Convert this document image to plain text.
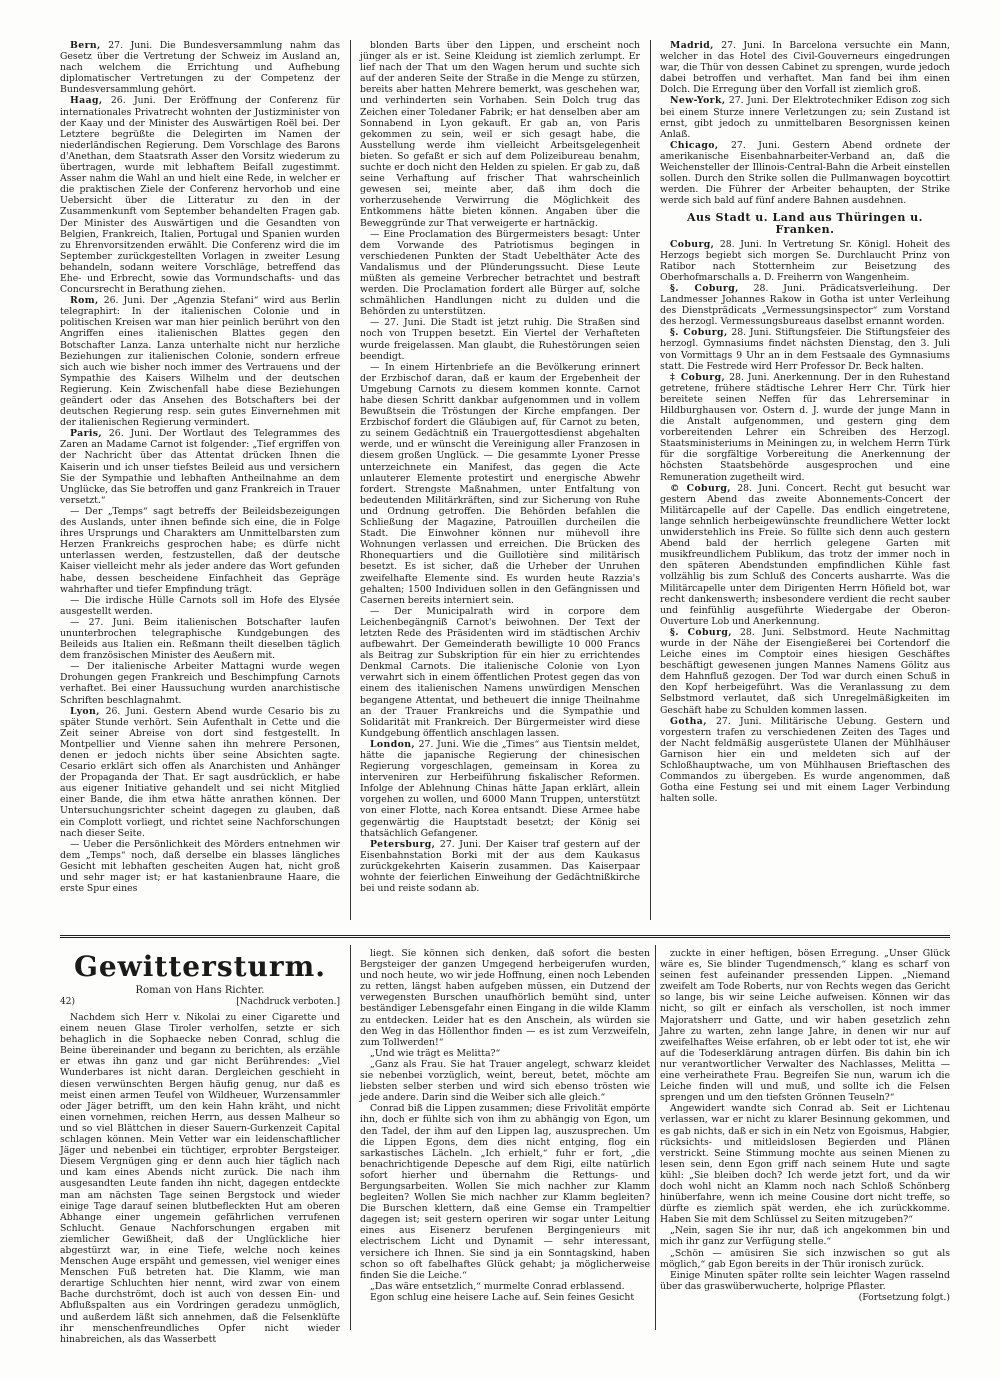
Bern, 27. Juni. Die Bundesversammlung nahm das Gesetz über die Vertretung der Schweiz im Ausland an, nach welchem die Errichtung und Aufhebung diplomatischer Vertretungen zu der Competenz der Bundesversammlung gehört.

Haag, 26. Juni. Der Eröffnung der Conferenz für internationales Privatrecht wohnten der Justizminister von der Kaay und der Minister des Auswärtigen Roël bei. Der Letztere begrüßte die Delegirten im Namen der niederländischen Regierung. Dem Vorschlage des Barons d'Anethan, dem Staatsrath Asser den Vorsitz wiederum zu übertragen, wurde mit lebhaftem Beifall zugestimmt. Asser nahm die Wahl an und hielt eine Rede, in welcher er die praktischen Ziele der Conferenz hervorhob und eine Uebersicht über die Litteratur zu den in der Zusammenkunft vom September behandelten Fragen gab. Der Minister des Auswärtigen und die Gesandten von Belgien, Frankreich, Italien, Portugal und Spanien wurden zu Ehrenvorsitzenden erwählt. Die Conferenz wird die im September zurückgestellten Vorlagen in zweiter Lesung behandeln, sodann weitere Vorschläge, betreffend das Ehe- und Erbrecht, sowie das Vormundschafts- und das Concursrecht in Berathung ziehen.

Rom, 26. Juni. Der „Agenzia Stefani“ wird aus Berlin telegraphirt: In der italienischen Colonie und in politischen Kreisen war man hier peinlich berührt von den Angriffen eines italienischen Blattes gegen den Botschafter Lanza. Lanza unterhalte nicht nur herzliche Beziehungen zur italienischen Colonie, sondern erfreue sich auch wie bisher noch immer des Vertrauens und der Sympathie des Kaisers Wilhelm und der deutschen Regierung. Kein Zwischenfall habe diese Beziehungen geändert oder das Ansehen des Botschafters bei der deutschen Regierung resp. sein gutes Einvernehmen mit der italienischen Regierung vermindert.

Paris, 26. Juni. Der Wortlaut des Telegrammes des Zaren an Madame Carnot ist folgender: „Tief ergriffen von der Nachricht über das Attentat drücken Ihnen die Kaiserin und ich unser tiefstes Beileid aus und versichern Sie der Sympathie und lebhaften Antheilnahme an dem Unglücke, das Sie betroffen und ganz Frankreich in Trauer versetzt.“

— Der „Temps“ sagt betreffs der Beileidsbezeigungen des Auslands, unter ihnen befinde sich eine, die in Folge ihres Ursprungs und Charakters am Unmittelbarsten zum Herzen Frankreichs gesprochen habe; es dürfe nicht unterlassen werden, festzustellen, daß der deutsche Kaiser vielleicht mehr als jeder andere das Wort gefunden habe, dessen bescheidene Einfachheit das Gepräge wahrhafter und tiefer Empfindung trägt.

— Die irdische Hülle Carnots soll im Hofe des Elysée ausgestellt werden.

— 27. Juni. Beim italienischen Botschafter laufen ununterbrochen telegraphische Kundgebungen des Beileids aus Italien ein. Reßmann theilt dieselben täglich dem französischen Minister des Aeußern mit.

— Der italienische Arbeiter Mattagni wurde wegen Drohungen gegen Frankreich und Beschimpfung Carnots verhaftet. Bei einer Haussuchung wurden anarchistische Schriften beschlagnahmt.

Lyon, 26. Juni. Gestern Abend wurde Cesario bis zu später Stunde verhört. Sein Aufenthalt in Cette und die Zeit seiner Abreise von dort sind festgestellt. In Montpellier und Vienne sahen ihn mehrere Personen, denen er jedoch nichts über seine Absichten sagte. Cesario erklärt sich offen als Anarchisten und Anhänger der Propaganda der That. Er sagt ausdrücklich, er habe aus eigener Initiative gehandelt und sei nicht Mitglied einer Bande, die ihm etwa hätte anrathen können. Der Untersuchungsrichter scheint dagegen zu glauben, daß ein Complott vorliegt, und richtet seine Nachforschungen nach dieser Seite.

— Ueber die Persönlichkeit des Mörders entnehmen wir dem „Temps“ noch, daß derselbe ein blasses längliches Gesicht mit lebhaften gescheiten Augen hat, nicht groß und sehr mager ist; er hat kastanienbraune Haare, die erste Spur eines

blonden Barts über den Lippen, und erscheint noch jünger als er ist. Seine Kleidung ist ziemlich zerlumpt. Er lief nach der That um den Wagen herum und suchte sich auf der anderen Seite der Straße in die Menge zu stürzen, bereits aber hatten Mehrere bemerkt, was geschehen war, und verhinderten sein Vorhaben. Sein Dolch trug das Zeichen einer Toledaner Fabrik; er hat denselben aber am Sonnabend in Lyon gekauft. Er gab an, von Paris gekommen zu sein, weil er sich gesagt habe, die Ausstellung werde ihm vielleicht Arbeitsgelegenheit bieten. So gefaßt er sich auf dem Polizeibureau benahm, suchte er doch nicht den Helden zu spielen. Er gab zu, daß seine Verhaftung auf frischer That wahrscheinlich gewesen sei, meinte aber, daß ihm doch die vorherzusehende Verwirrung die Möglichkeit des Entkommens hätte bieten können. Angaben über die Beweggründe zur That verweigerte er hartnäckig.

— Eine Proclamation des Bürgermeisters besagt: Unter dem Vorwande des Patriotismus begingen in verschiedenen Punkten der Stadt Uebelthäter Acte des Vandalismus und der Plünderungssucht. Diese Leute müßten als gemeine Verbrecher betrachtet und bestraft werden. Die Proclamation fordert alle Bürger auf, solche schmählichen Handlungen nicht zu dulden und die Behörden zu unterstützen.

— 27. Juni. Die Stadt ist jetzt ruhig. Die Straßen sind noch von Truppen besetzt. Ein Viertel der Verhafteten wurde freigelassen. Man glaubt, die Ruhestörungen seien beendigt.

— In einem Hirtenbriefe an die Bevölkerung erinnert der Erzbischof daran, daß er kaum der Ergebenheit der Umgebung Carnots zu diesem kommen konnte. Carnot habe diesen Schritt dankbar aufgenommen und in vollem Bewußtsein die Tröstungen der Kirche empfangen. Der Erzbischof fordert die Gläubigen auf, für Carnot zu beten, zu seinem Gedächtniß ein Trauergottesdienst abgehalten werde, und er wünscht die Vereinigung aller Franzosen in diesem großen Unglück. — Die gesammte Lyoner Presse unterzeichnete ein Manifest, das gegen die Acte unlauterer Elemente protestirt und energische Abwehr fordert. Strengste Maßnahmen, unter Entfaltung von bedeutenden Militärkräften, sind zur Sicherung von Ruhe und Ordnung getroffen. Die Behörden befahlen die Schließung der Magazine, Patrouillen durcheilen die Stadt. Die Einwohner können nur mühevoll ihre Wohnungen verlassen und erreichen. Die Brücken des Rhonequartiers und die Guillotière sind militärisch besetzt. Es ist sicher, daß die Urheber der Unruhen zweifelhafte Elemente sind. Es wurden heute Razzia's gehalten; 1500 Individuen sollen in den Gefängnissen und Casernen bereits interniert sein.

— Der Municipalrath wird in corpore dem Leichenbegängniß Carnot's beiwohnen. Der Text der letzten Rede des Präsidenten wird im städtischen Archiv aufbewahrt. Der Gemeinderath bewilligte 10 000 Francs als Beitrag zur Subskription für ein hier zu errichtendes Denkmal Carnots. Die italienische Colonie von Lyon verwahrt sich in einem öffentlichen Protest gegen das von einem des italienischen Namens unwürdigen Menschen begangene Attentat, und betheuert die innige Theilnahme an der Trauer Frankreichs und die Sympathie und Solidarität mit Frankreich. Der Bürgermeister wird diese Kundgebung öffentlich anschlagen lassen.

London, 27. Juni. Wie die „Times“ aus Tientsin meldet, hätte die japanische Regierung der chinesischen Regierung vorgeschlagen, gemeinsam in Korea zu interveniren zur Herbeiführung fiskalischer Reformen. Infolge der Ablehnung Chinas hätte Japan erklärt, allein vorgehen zu wollen, und 6000 Mann Truppen, unterstützt von einer Flotte, nach Korea entsandt. Diese Armee habe gegenwärtig die Hauptstadt besetzt; der König sei thatsächlich Gefangener.

Petersburg, 27. Juni. Der Kaiser traf gestern auf der Eisenbahnstation Borki mit der aus dem Kaukasus zurückgekehrten Kaiserin zusammen. Das Kaiserpaar wohnte der feierlichen Einweihung der Gedächtnißkirche bei und reiste sodann ab.

Madrid, 27. Juni. In Barcelona versuchte ein Mann, welcher in das Hotel des Civil-Gouverneurs eingedrungen war, die Thür von dessen Cabinet zu sprengen, wurde jedoch dabei betroffen und verhaftet. Man fand bei ihm einen Dolch. Die Erregung über den Vorfall ist ziemlich groß.

New-York, 27. Juni. Der Elektrotechniker Edison zog sich bei einem Sturze innere Verletzungen zu; sein Zustand ist ernst, gibt jedoch zu unmittelbaren Besorgnissen keinen Anlaß.

Chicago, 27. Juni. Gestern Abend ordnete der amerikanische Eisenbahnarbeiter-Verband an, daß die Weichensteller der Illinois-Central-Bahn die Arbeit einstellen sollen. Durch den Strike sollen die Pullmanwagen boycottirt werden. Die Führer der Arbeiter behaupten, der Strike werde sich bald auf fünf andere Bahnen ausdehnen.

Aus Stadt u. Land aus Thüringen u. Franken.

Coburg, 28. Juni. In Vertretung Sr. Königl. Hoheit des Herzogs begiebt sich morgen Se. Durchlaucht Prinz von Ratibor nach Stotternheim zur Beisetzung des Oberhofmarschalls a. D. Freiherrn von Wangenheim.

§. Coburg, 28. Juni. Prädicatsverleihung. Der Landmesser Johannes Rakow in Gotha ist unter Verleihung des Dienstprädicats „Vermessungsinspector“ zum Vorstand des herzogl. Vermessungsbureaus daselbst ernannt worden.

§. Coburg, 28. Juni. Stiftungsfeier. Die Stiftungsfeier des herzogl. Gymnasiums findet nächsten Dienstag, den 3. Juli von Vormittags 9 Uhr an in dem Festsaale des Gymnasiums statt. Die Festrede wird Herr Professor Dr. Beck halten.

‡ Coburg, 28. Juni. Anerkennung. Der in den Ruhestand getretene, frühere städtische Lehrer Herr Chr. Türk hier bereitete seinen Neffen für das Lehrerseminar in Hildburghausen vor. Ostern d. J. wurde der junge Mann in die Anstalt aufgenommen, und gestern ging dem vorbereitenden Lehrer ein Schreiben des Herzogl. Staatsministeriums in Meiningen zu, in welchem Herrn Türk für die sorgfältige Vorbereitung die Anerkennung der höchsten Staatsbehörde ausgesprochen und eine Remuneration zugetheilt wird.

© Coburg, 28. Juni. Concert. Recht gut besucht war gestern Abend das zweite Abonnements-Concert der Militärcapelle auf der Capelle. Das endlich eingetretene, lange sehnlich herbeigewünschte freundlichere Wetter lockt unwiderstehlich ins Freie. So füllte sich denn auch gestern Abend bald der herrlich gelegene Garten mit musikfreundlichem Publikum, das trotz der immer noch in den späteren Abendstunden empfindlichen Kühle fast vollzählig bis zum Schluß des Concerts ausharrte. Was die Militärcapelle unter dem Dirigenten Herrn Höfield bot, war recht dankenswerth; insbesondere verdient die recht sauber und feinfühlig ausgeführte Wiedergabe der Oberon-Ouverture Lob und Anerkennung.

§. Coburg, 28. Juni. Selbstmord. Heute Nachmittag wurde in der Nähe der Eisengießerei bei Cortendorf die Leiche eines im Comptoir eines hiesigen Geschäftes beschäftigt gewesenen jungen Mannes Namens Gölitz aus dem Hahnfluß gezogen. Der Tod war durch einen Schuß in den Kopf herbeigeführt. Was die Veranlassung zu dem Selbstmord verlautet, daß sich Unregelmäßigkeiten im Geschäft habe zu Schulden kommen lassen.

Gotha, 27. Juni. Militärische Uebung. Gestern und vorgestern trafen zu verschiedenen Zeiten des Tages und der Nacht feldmäßig ausgerüstete Ulanen der Mühlhäuser Garnison hier ein und meldeten sich auf der Schloßhauptwache, um von Mühlhausen Brieftaschen des Commandos zu übergeben. Es wurde angenommen, daß Gotha eine Festung sei und mit einem Lager Verbindung halten solle.

Gewittersturm.
Roman von Hans Richter.
42)	[Nachdruck verboten.]

Nachdem sich Herr v. Nikolai zu einer Cigarette und einem neuen Glase Tiroler verholfen, setzte er sich behaglich in die Sophaecke neben Conrad, schlug die Beine übereinander und begann zu berichten, als erzähle er etwas ihn ganz und gar nicht Berührendes: „Viel Wunderbares ist nicht daran. Dergleichen geschieht in diesen verwünschten Bergen häufig genug, nur daß es meist einen armen Teufel von Wildheuer, Wurzensammler oder Jäger betrifft, um den kein Hahn kräht, und nicht einen vornehmen, reichen Herrn, aus dessen Malheur so und so viel Blättchen in dieser Sauern-Gurkenzeit Capital schlagen können. Mein Vetter war ein leidenschaftlicher Jäger und nebenbei ein tüchtiger, erprobter Bergsteiger. Diesem Vergnügen ging er denn auch hier täglich nach und kam eines Abends nicht zurück. Die nach ihm ausgesandten Leute fanden ihn nicht, dagegen entdeckte man am nächsten Tage seinen Bergstock und wieder einige Tage darauf seinen blutbefleckten Hut am oberen Abhange einer ungemein gefährlichen verrufenen Schlucht. Genaue Nachforschungen ergaben mit ziemlicher Gewißheit, daß der Unglückliche hier abgestürzt war, in eine Tiefe, welche noch keines Menschen Auge erspäht und gemessen, viel weniger eines Menschen Fuß betreten hat. Die Klamm, wie man derartige Schluchten hier nennt, wird zwar von einem Bache durchströmt, doch ist auch von dessen Ein- und Abflußspalten aus ein Vordringen geradezu unmöglich, und außerdem läßt sich annehmen, daß die Felsenklüfte ihr menschenfreundliches Opfer nicht wieder hinabreichen, als das Wasserbett

liegt. Sie können sich denken, daß sofort die besten Bergsteiger der ganzen Umgegend herbeigerufen wurden, und noch heute, wo wir jede Hoffnung, einen noch Lebenden zu retten, längst haben aufgeben müssen, ein Dutzend der verwegensten Burschen unaufhörlich bemüht sind, unter beständiger Lebensgefahr einen Eingang in die wilde Klamm zu entdecken. Leider hat es den Anschein, als würden sie den Weg in das Höllenthor finden — es ist zum Verzweifeln, zum Tollwerden!“

„Und wie trägt es Melitta?“

„Ganz als Frau. Sie hat Trauer angelegt, schwarz kleidet sie nebenbei vorzüglich, weint, bereut, betet, möchte am liebsten selber sterben und wird sich ebenso trösten wie jede andere. Darin sind die Weiber sich alle gleich.“

Conrad biß die Lippen zusammen; diese Frivolität empörte ihn, doch er fühlte sich von ihm zu abhängig von Egon, um den Tadel, der ihm auf den Lippen lag, auszusprechen. Um die Lippen Egons, dem dies nicht entging, flog ein sarkastisches Lächeln. „Ich erhielt,“ fuhr er fort, „die benachrichtigende Depesche auf dem Rigi, eilte natürlich sofort hierher und übernahm die Rettungs- und Bergungsarbeiten. Wollen Sie mich nachher zur Klamm begleiten? Wollen Sie mich nachher zur Klamm begleiten? Die Burschen klettern, daß eine Gemse ein Trampeltier dagegen ist; seit gestern operiren wir sogar unter Leitung eines aus Eisenerz berufenen Bergingenieurs mit electrischem Licht und Dynamit — sehr interessant, versichere ich Ihnen. Sie sind ja ein Sonntagskind, haben schon so oft fabelhaftes Glück gehabt; ja möglicherweise finden Sie die Leiche.“

„Das wäre entsetzlich,“ murmelte Conrad erblassend.

Egon schlug eine heisere Lache auf. Sein feines Gesicht

zuckte in einer heftigen, bösen Erregung. „Unser Glück wäre es, Sie blinder Tugendmensch,“ klang es scharf von seinen fest aufeinander pressenden Lippen. „Niemand zweifelt am Tode Roberts, nur von Rechts wegen das Gericht so lange, bis wir seine Leiche aufweisen. Können wir das nicht, so gilt er einfach als verschollen, ist noch immer Majoratsherr und Gatte, und wir haben gesetzlich zehn Jahre zu warten, zehn lange Jahre, in denen wir nur auf zweifelhaftes Weise erfahren, ob er lebt oder tot ist, ehe wir auf die Todeserklärung antragen dürfen. Bis dahin bin ich nur verantwortlicher Verwalter des Nachlasses, Melitta — eine verheirathete Frau. Begreifen Sie nun, warum ich die Leiche finden will und muß, und sollte ich die Felsen sprengen und um den tiefsten Grönnen Teuseln?“

Angewidert wandte sich Conrad ab. Seit er Lichtenau verlassen, war er nicht zu klarer Besinnung gekommen, und es gab nichts, daß er sich in ein Netz von Egoismus, Habgier, rücksichts- und mitleidslosen Begierden und Plänen verstrickt. Seine Stimmung mochte aus seinen Mienen zu lesen sein, denn Egon griff nach seinem Hute und sagte kühl: „Sie bleiben doch? Ich werde jetzt fort, und da wir doch wohl nicht an Klamm noch nach Schloß Schönberg hinüberfahre, wenn ich meine Cousine dort nicht treffe, so dürfte es ziemlich spät werden, ehe ich zurückkomme. Haben Sie mit dem Schlüssel zu Seiten mitzugeben?“

„Nein, sagen Sie ihr nur, daß ich angekommen bin und mich ihr ganz zur Verfügung stelle.“

„Schön — amüsiren Sie sich inzwischen so gut als möglich,“ gab Egon bereits in der Thür ironisch zurück.

Einige Minuten später rollte sein leichter Wagen rasselnd über das graswüberwucherte, holprige Pflaster.

(Fortsetzung folgt.)
